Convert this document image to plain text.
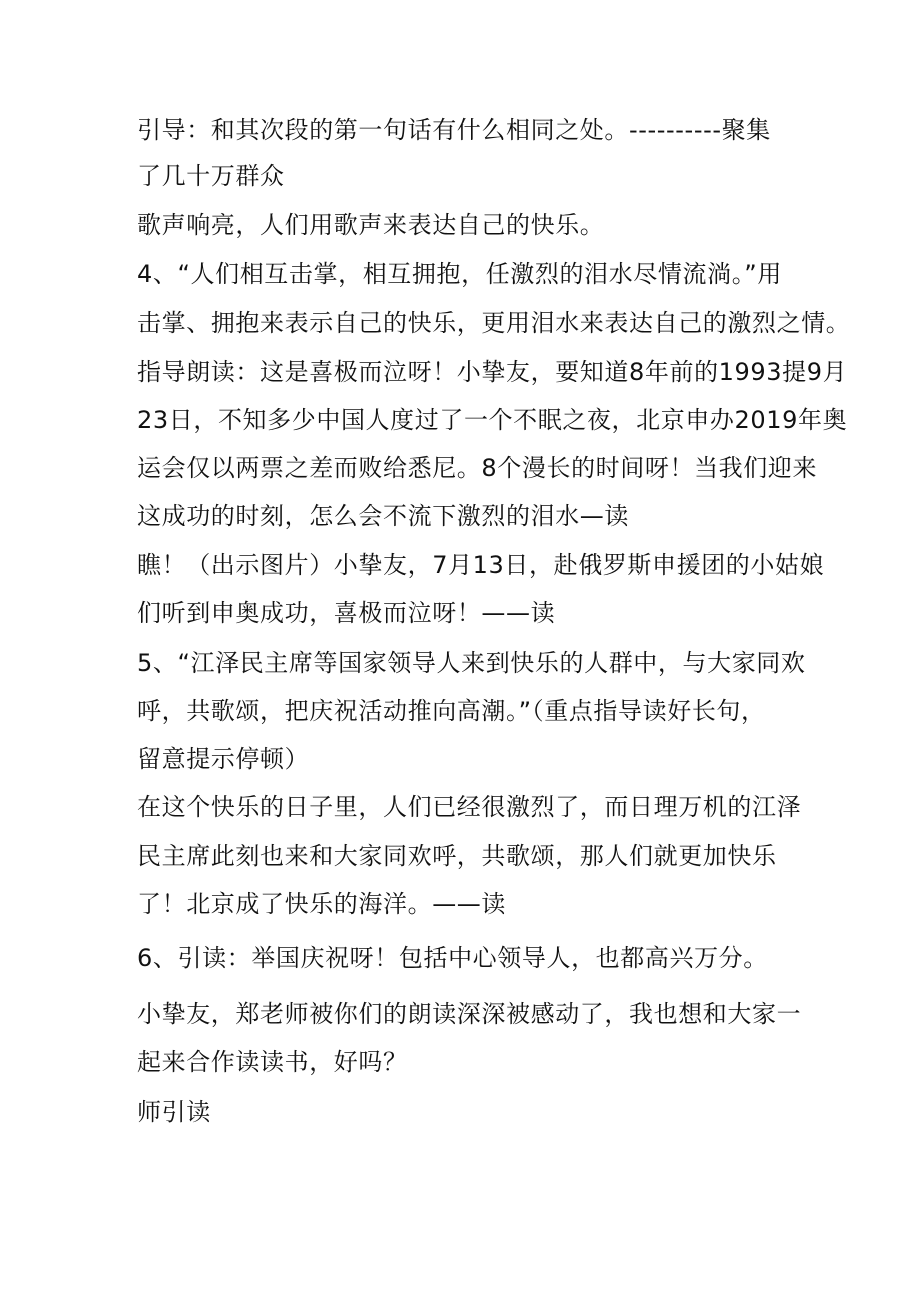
引导：和其次段的第一句话有什么相同之处。----------聚集
了几十万群众
歌声响亮，人们用歌声来表达自己的快乐。
4、“人们相互击掌，相互拥抱，任激烈的泪水尽情流淌。”用
击掌、拥抱来表示自己的快乐，更用泪水来表达自己的激烈之情。
指导朗读：这是喜极而泣呀！小挚友，要知道8年前的1993提9月
23日，不知多少中国人度过了一个不眠之夜，北京申办2019年奥
运会仅以两票之差而败给悉尼。8个漫长的时间呀！当我们迎来
这成功的时刻，怎么会不流下激烈的泪水—读
瞧！（出示图片）小挚友，7月13日，赴俄罗斯申援团的小姑娘
们听到申奥成功，喜极而泣呀！——读
5、“江泽民主席等国家领导人来到快乐的人群中，与大家同欢
呼，共歌颂，把庆祝活动推向高潮。”（重点指导读好长句，
留意提示停顿）
在这个快乐的日子里，人们已经很激烈了，而日理万机的江泽
民主席此刻也来和大家同欢呼，共歌颂，那人们就更加快乐
了！北京成了快乐的海洋。——读
6、引读：举国庆祝呀！包括中心领导人，也都高兴万分。
小挚友，郑老师被你们的朗读深深被感动了，我也想和大家一
起来合作读读书，好吗？
师引读
